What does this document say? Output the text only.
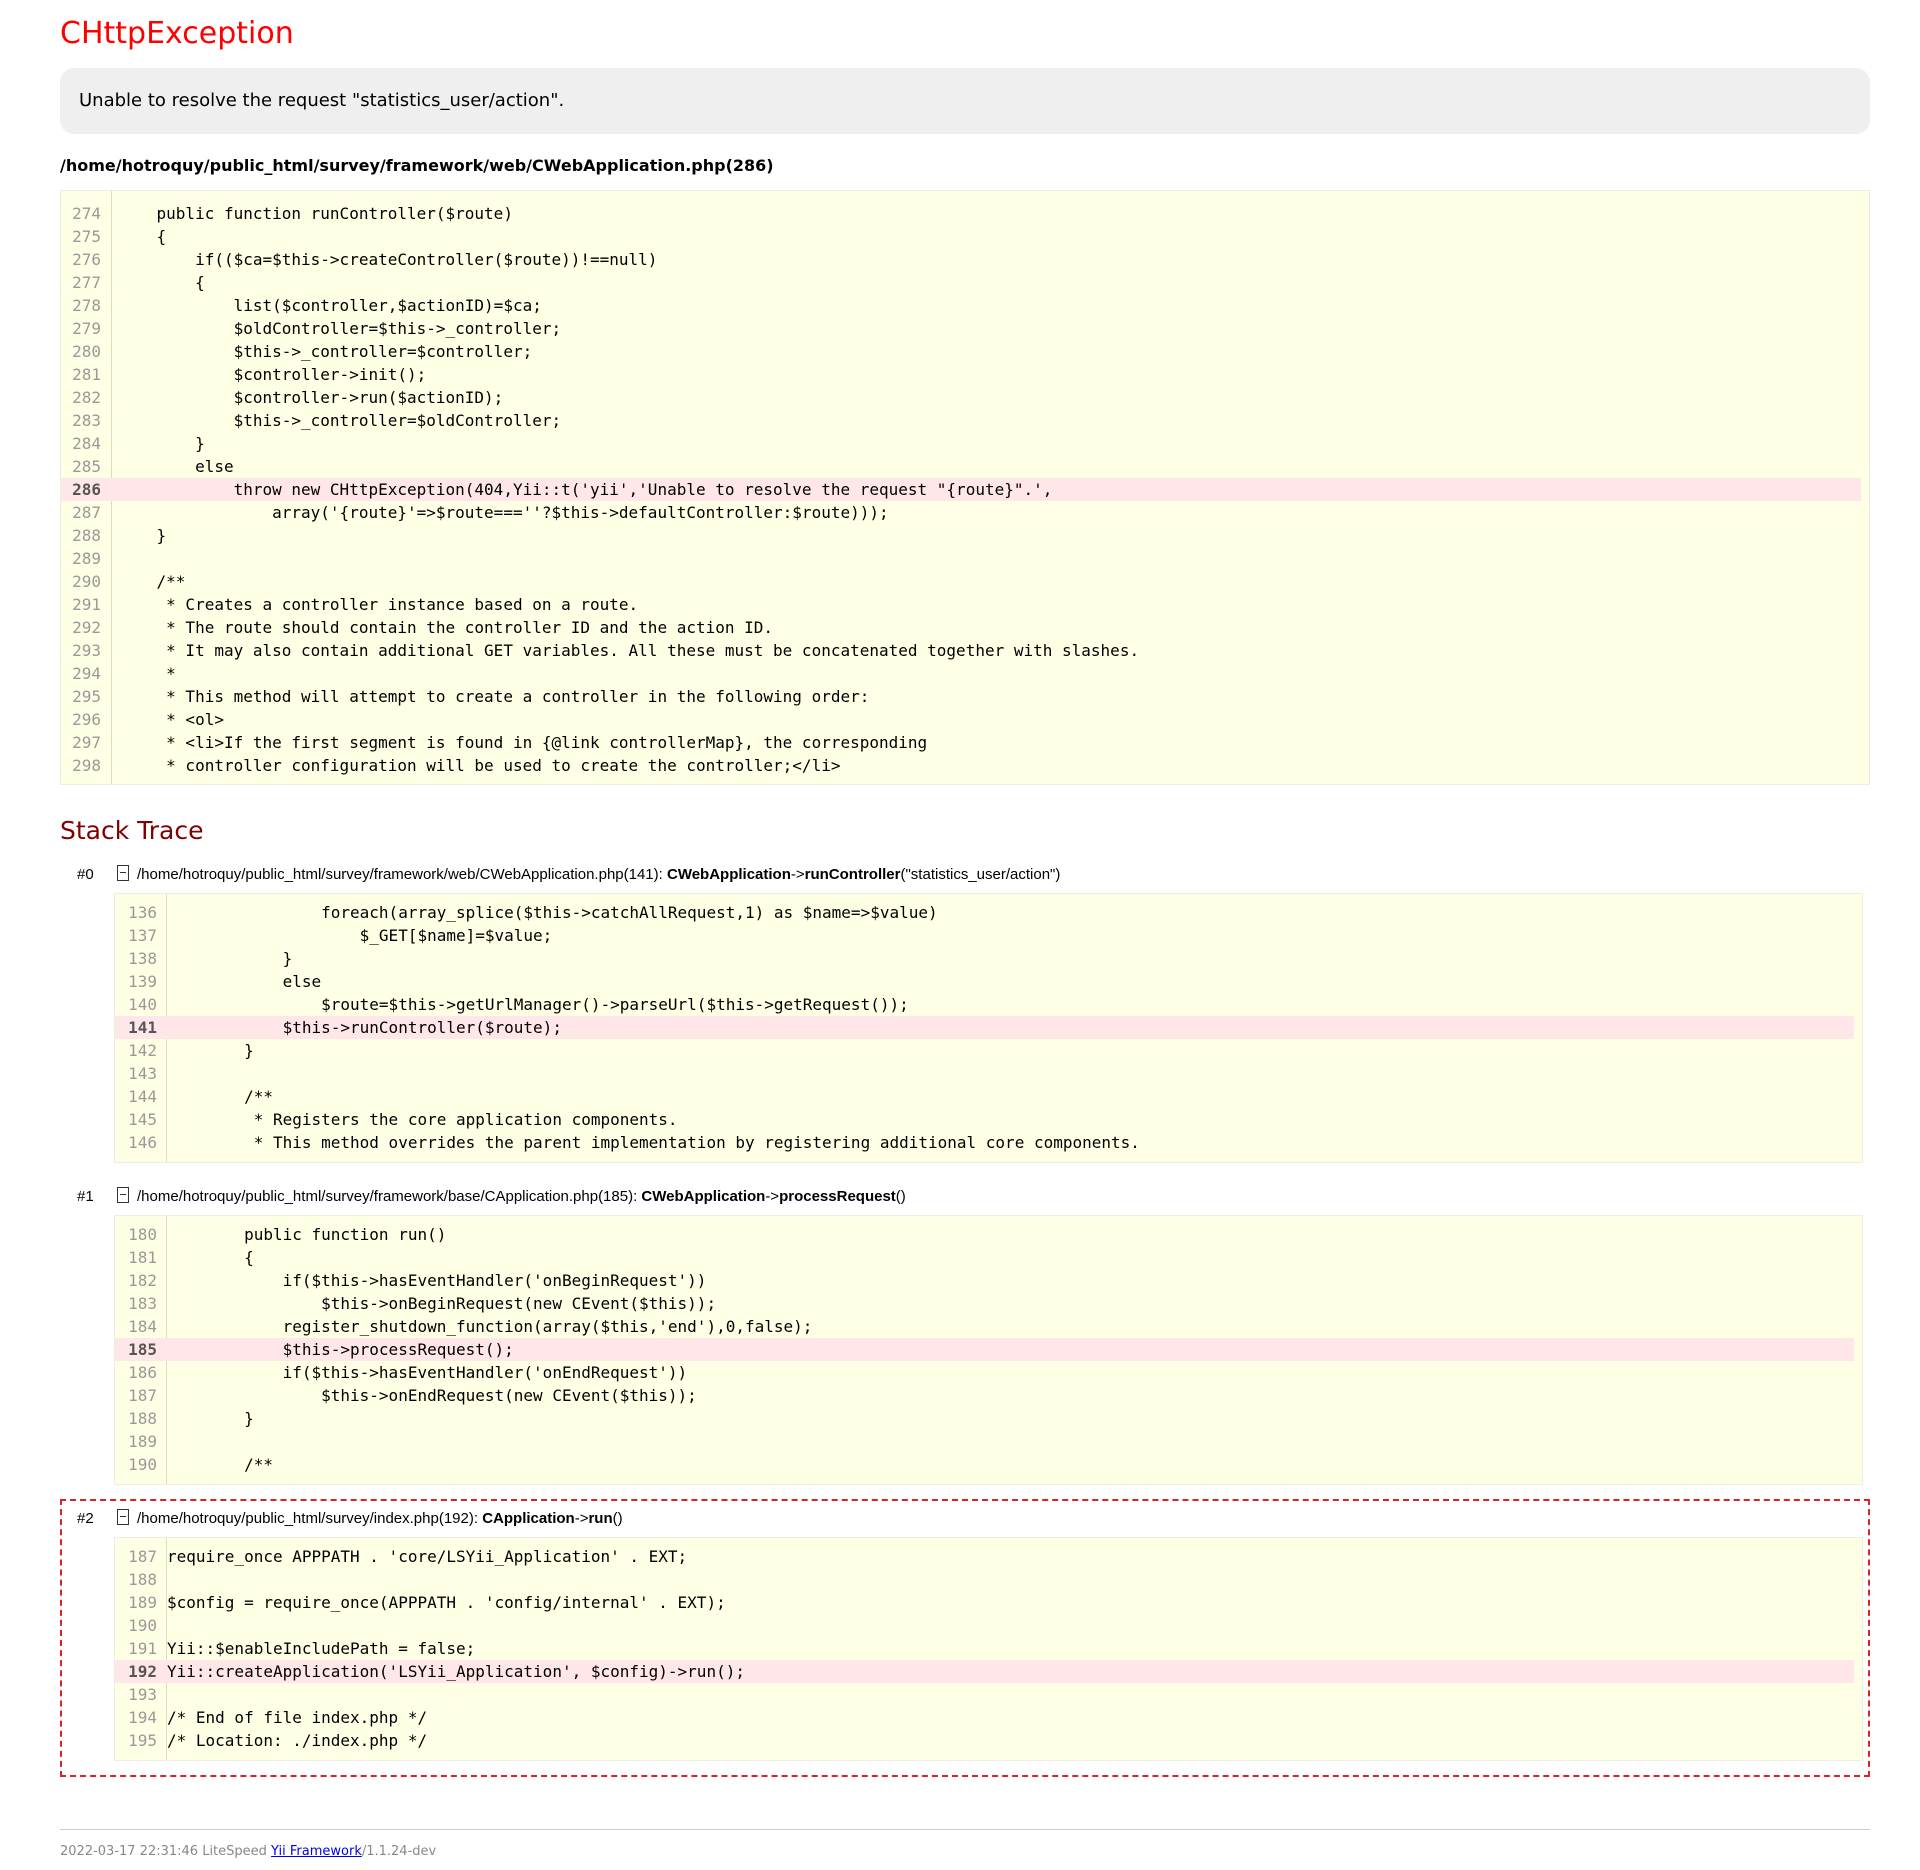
CHttpException
Unable to resolve the request "statistics_user/action".
/home/hotroquy/public_html/survey/framework/web/CWebApplication.php(286)
274    public function runController($route)
275    {
276        if(($ca=$this->createController($route))!==null)
277        {
278            list($controller,$actionID)=$ca;
279            $oldController=$this->_controller;
280            $this->_controller=$controller;
281            $controller->init();
282            $controller->run($actionID);
283            $this->_controller=$oldController;
284        }
285        else
286            throw new CHttpException(404,Yii::t('yii','Unable to resolve the request "{route}".',
287                array('{route}'=>$route===''?$this->defaultController:$route)));
288    }
289
290    /**
291     * Creates a controller instance based on a route.
292     * The route should contain the controller ID and the action ID.
293     * It may also contain additional GET variables. All these must be concatenated together with slashes.
294     *
295     * This method will attempt to create a controller in the following order:
296     * <ol>
297     * <li>If the first segment is found in {@link controllerMap}, the corresponding
298     * controller configuration will be used to create the controller;</li>
Stack Trace
#0	/home/hotroquy/public_html/survey/framework/web/CWebApplication.php(141): CWebApplication->runController("statistics_user/action")
136                foreach(array_splice($this->catchAllRequest,1) as $name=>$value)
137                    $_GET[$name]=$value;
138            }
139            else
140                $route=$this->getUrlManager()->parseUrl($this->getRequest());
141            $this->runController($route);
142        }
143
144        /**
145         * Registers the core application components.
146         * This method overrides the parent implementation by registering additional core components.
#1	/home/hotroquy/public_html/survey/framework/base/CApplication.php(185): CWebApplication->processRequest()
180        public function run()
181        {
182            if($this->hasEventHandler('onBeginRequest'))
183                $this->onBeginRequest(new CEvent($this));
184            register_shutdown_function(array($this,'end'),0,false);
185            $this->processRequest();
186            if($this->hasEventHandler('onEndRequest'))
187                $this->onEndRequest(new CEvent($this));
188        }
189
190        /**
#2	/home/hotroquy/public_html/survey/index.php(192): CApplication->run()
187 require_once APPPATH . 'core/LSYii_Application' . EXT;
188
189 $config = require_once(APPPATH . 'config/internal' . EXT);
190
191 Yii::$enableIncludePath = false;
192 Yii::createApplication('LSYii_Application', $config)->run();
193
194 /* End of file index.php */
195 /* Location: ./index.php */
2022-03-17 22:31:46 LiteSpeed Yii Framework/1.1.24-dev
